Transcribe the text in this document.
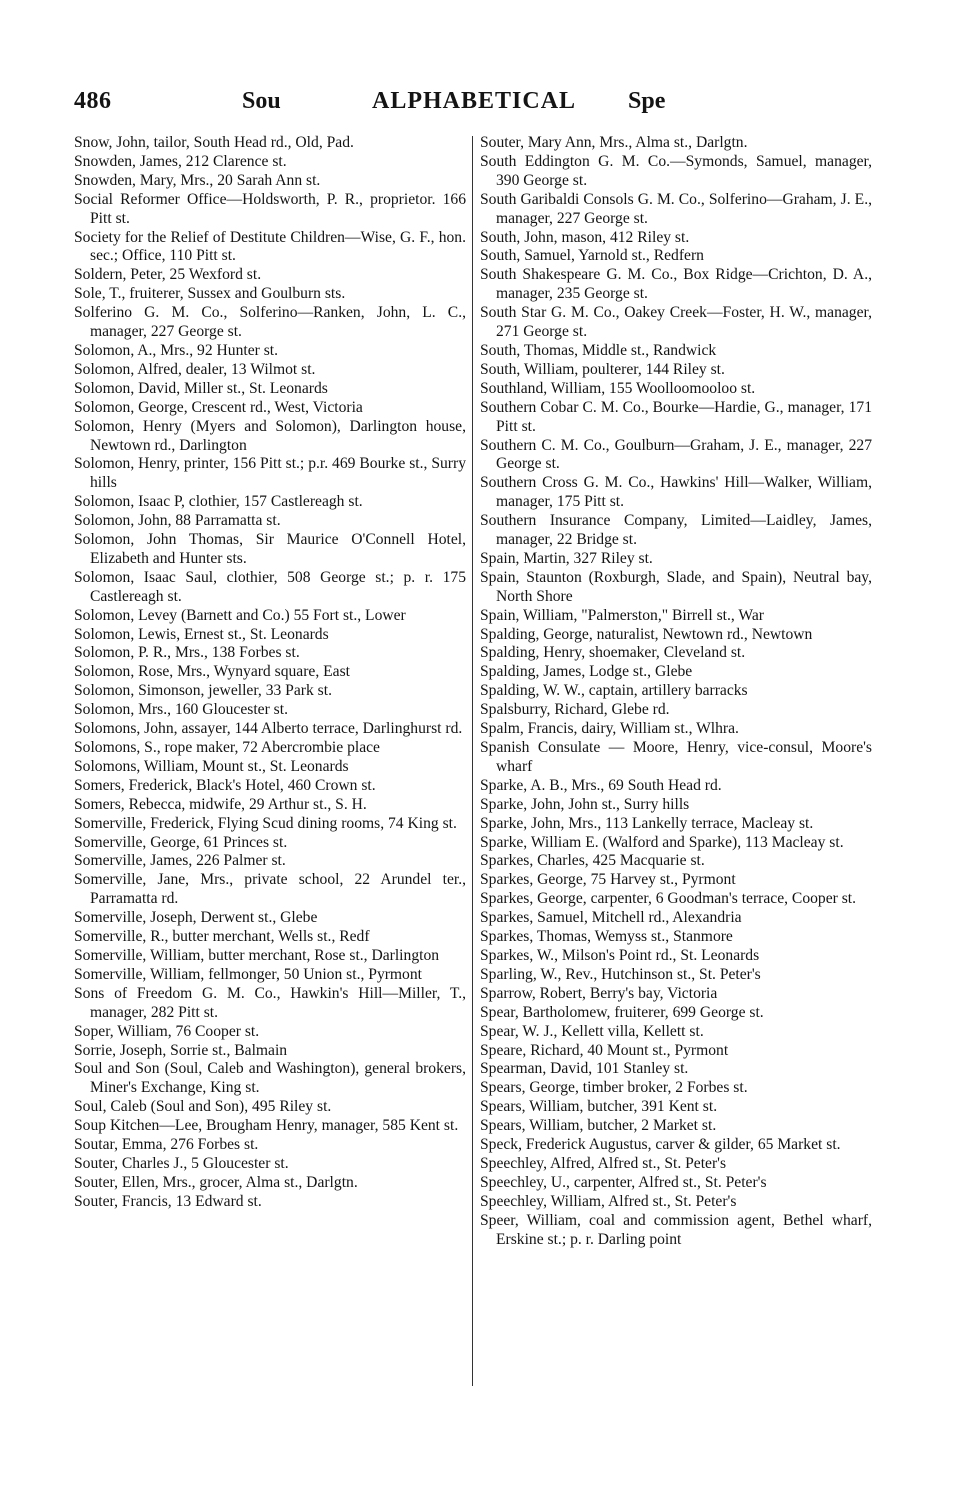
486	Sou	ALPHABETICAL Spe

Snow, John, tailor, South Head rd., Old, Pad.

Snowden, James, 212 Clarence st.

Snowden, Mary, Mrs., 20 Sarah Ann st.

Social Reformer Office—Holdsworth, P. R., proprietor. 166 Pitt st.

Society for the Relief of Destitute Children—Wise, G. F., hon. sec.; Office, 110 Pitt st.

Soldern, Peter, 25 Wexford st.

Sole, T., fruiterer, Sussex and Goulburn sts.

Solferino G. M. Co., Solferino—Ranken, John, L. C., manager, 227 George st.

Solomon, A., Mrs., 92 Hunter st.

Solomon, Alfred, dealer, 13 Wilmot st.

Solomon, David, Miller st., St. Leonards

Solomon, George, Crescent rd., West, Victoria

Solomon, Henry (Myers and Solomon), Darlington house, Newtown rd., Darlington

Solomon, Henry, printer, 156 Pitt st.; p.r. 469 Bourke st., Surry hills

Solomon, Isaac P, clothier, 157 Castlereagh st.

Solomon, John, 88 Parramatta st.

Solomon, John Thomas, Sir Maurice O'Connell Hotel, Elizabeth and Hunter sts.

Solomon, Isaac Saul, clothier, 508 George st.; p. r. 175 Castlereagh st.

Solomon, Levey (Barnett and Co.) 55 Fort st., Lower

Solomon, Lewis, Ernest st., St. Leonards

Solomon, P. R., Mrs., 138 Forbes st.

Solomon, Rose, Mrs., Wynyard square, East

Solomon, Simonson, jeweller, 33 Park st.

Solomon, Mrs., 160 Gloucester st.

Solomons, John, assayer, 144 Alberto terrace, Darlinghurst rd.

Solomons, S., rope maker, 72 Abercrombie place

Solomons, William, Mount st., St. Leonards

Somers, Frederick, Black's Hotel, 460 Crown st.

Somers, Rebecca, midwife, 29 Arthur st., S. H.

Somerville, Frederick, Flying Scud dining rooms, 74 King st.

Somerville, George, 61 Princes st.

Somerville, James, 226 Palmer st.

Somerville, Jane, Mrs., private school, 22 Arundel ter., Parramatta rd.

Somerville, Joseph, Derwent st., Glebe

Somerville, R., butter merchant, Wells st., Redf

Somerville, William, butter merchant, Rose st., Darlington

Somerville, William, fellmonger, 50 Union st., Pyrmont

Sons of Freedom G. M. Co., Hawkin's Hill—Miller, T., manager, 282 Pitt st.

Soper, William, 76 Cooper st.

Sorrie, Joseph, Sorrie st., Balmain

Soul and Son (Soul, Caleb and Washington), general brokers, Miner's Exchange, King st.

Soul, Caleb (Soul and Son), 495 Riley st.

Soup Kitchen—Lee, Brougham Henry, manager, 585 Kent st.

Soutar, Emma, 276 Forbes st.

Souter, Charles J., 5 Gloucester st.

Souter, Ellen, Mrs., grocer, Alma st., Darlgtn.

Souter, Francis, 13 Edward st.

Souter, Mary Ann, Mrs., Alma st., Darlgtn.

South Eddington G. M. Co.—Symonds, Samuel, manager, 390 George st.

South Garibaldi Consols G. M. Co., Solferino—Graham, J. E., manager, 227 George st.

South, John, mason, 412 Riley st.

South, Samuel, Yarnold st., Redfern

South Shakespeare G. M. Co., Box Ridge—Crichton, D. A., manager, 235 George st.

South Star G. M. Co., Oakey Creek—Foster, H. W., manager, 271 George st.

South, Thomas, Middle st., Randwick

South, William, poulterer, 144 Riley st.

Southland, William, 155 Woolloomooloo st.

Southern Cobar C. M. Co., Bourke—Hardie, G., manager, 171 Pitt st.

Southern C. M. Co., Goulburn—Graham, J. E., manager, 227 George st.

Southern Cross G. M. Co., Hawkins' Hill—Walker, William, manager, 175 Pitt st.

Southern Insurance Company, Limited—Laidley, James, manager, 22 Bridge st.

Spain, Martin, 327 Riley st.

Spain, Staunton (Roxburgh, Slade, and Spain), Neutral bay, North Shore

Spain, William, "Palmerston," Birrell st., War

Spalding, George, naturalist, Newtown rd., Newtown

Spalding, Henry, shoemaker, Cleveland st.

Spalding, James, Lodge st., Glebe

Spalding, W. W., captain, artillery barracks

Spalsburry, Richard, Glebe rd.

Spalm, Francis, dairy, William st., Wlhra.

Spanish Consulate — Moore, Henry, vice-consul, Moore's wharf

Sparke, A. B., Mrs., 69 South Head rd.

Sparke, John, John st., Surry hills

Sparke, John, Mrs., 113 Lankelly terrace, Macleay st.

Sparke, William E. (Walford and Sparke), 113 Macleay st.

Sparkes, Charles, 425 Macquarie st.

Sparkes, George, 75 Harvey st., Pyrmont

Sparkes, George, carpenter, 6 Goodman's terrace, Cooper st.

Sparkes, Samuel, Mitchell rd., Alexandria

Sparkes, Thomas, Wemyss st., Stanmore

Sparkes, W., Milson's Point rd., St. Leonards

Sparling, W., Rev., Hutchinson st., St. Peter's

Sparrow, Robert, Berry's bay, Victoria

Spear, Bartholomew, fruiterer, 699 George st.

Spear, W. J., Kellett villa, Kellett st.

Speare, Richard, 40 Mount st., Pyrmont

Spearman, David, 101 Stanley st.

Spears, George, timber broker, 2 Forbes st.

Spears, William, butcher, 391 Kent st.

Spears, William, butcher, 2 Market st.

Speck, Frederick Augustus, carver & gilder, 65 Market st.

Speechley, Alfred, Alfred st., St. Peter's

Speechley, U., carpenter, Alfred st., St. Peter's

Speechley, William, Alfred st., St. Peter's

Speer, William, coal and commission agent, Bethel wharf, Erskine st.; p. r. Darling point
